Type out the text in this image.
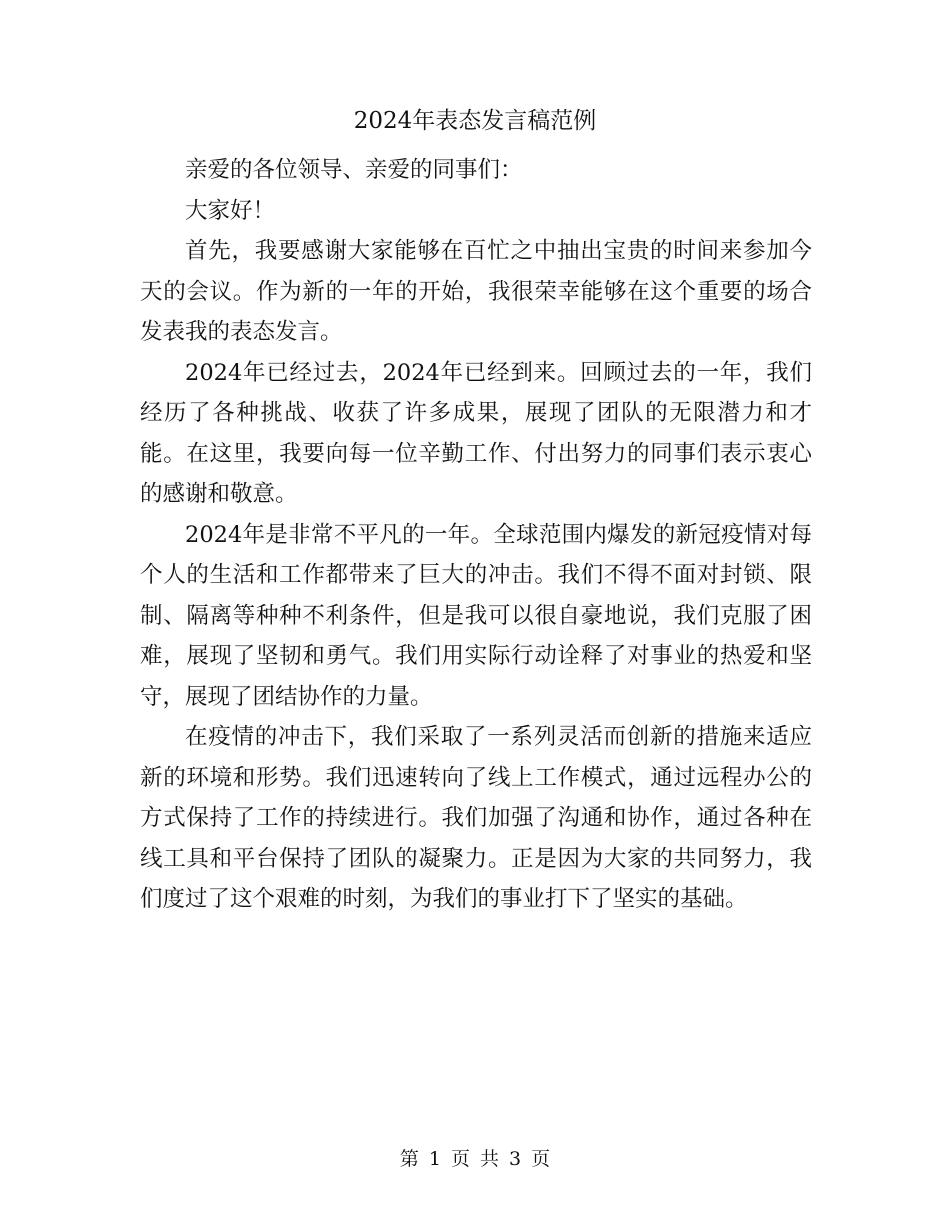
2024年表态发言稿范例

亲爱的各位领导、亲爱的同事们：

大家好！

首先，我要感谢大家能够在百忙之中抽出宝贵的时间来参加今天的会议。作为新的一年的开始，我很荣幸能够在这个重要的场合发表我的表态发言。

2024年已经过去，2024年已经到来。回顾过去的一年，我们经历了各种挑战、收获了许多成果，展现了团队的无限潜力和才能。在这里，我要向每一位辛勤工作、付出努力的同事们表示衷心的感谢和敬意。

2024年是非常不平凡的一年。全球范围内爆发的新冠疫情对每个人的生活和工作都带来了巨大的冲击。我们不得不面对封锁、限制、隔离等种种不利条件，但是我可以很自豪地说，我们克服了困难，展现了坚韧和勇气。我们用实际行动诠释了对事业的热爱和坚守，展现了团结协作的力量。

在疫情的冲击下，我们采取了一系列灵活而创新的措施来适应新的环境和形势。我们迅速转向了线上工作模式，通过远程办公的方式保持了工作的持续进行。我们加强了沟通和协作，通过各种在线工具和平台保持了团队的凝聚力。正是因为大家的共同努力，我们度过了这个艰难的时刻，为我们的事业打下了坚实的基础。

第 1 页 共 3 页
